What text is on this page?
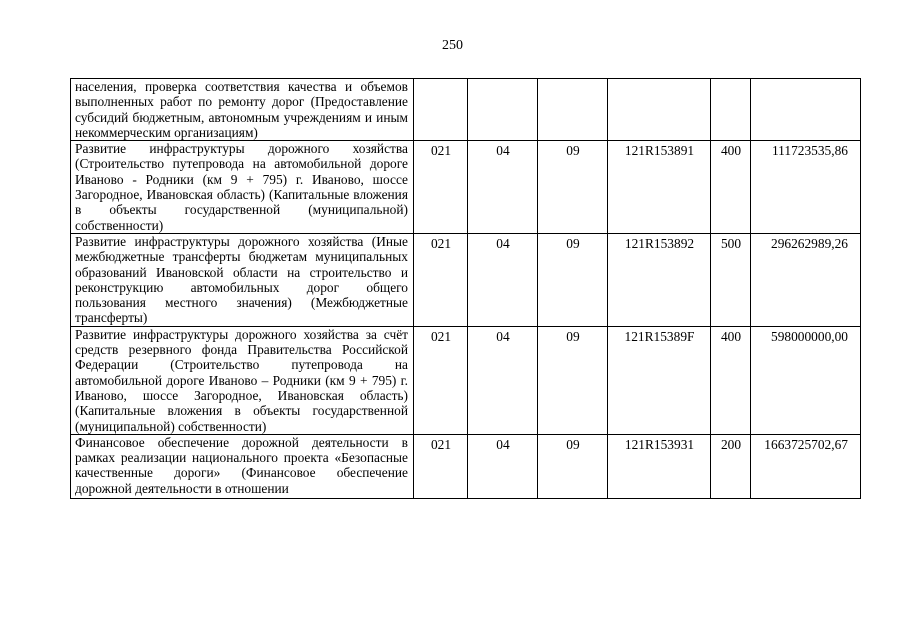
250
населения, проверка соответствия качества и объемов выполненных работ по ремонту дорог (Предоставление субсидий бюджетным, автономным учреждениям и иным некоммерческим организациям)						
Развитие инфраструктуры дорожного хозяйства (Строительство путепровода на автомобильной дороге Иваново - Родники (км 9 + 795) г. Иваново, шоссе Загородное, Ивановская область) (Капитальные вложения в объекты государственной (муниципальной) собственности)	021	04	09	121R153891	400	111723535,86
Развитие инфраструктуры дорожного хозяйства (Иные межбюджетные трансферты бюджетам муниципальных образований Ивановской области на строительство и реконструкцию автомобильных дорог общего пользования местного значения) (Межбюджетные трансферты)	021	04	09	121R153892	500	296262989,26
Развитие инфраструктуры дорожного хозяйства за счёт средств резервного фонда Правительства Российской Федерации (Строительство путепровода на автомобильной дороге Иваново – Родники (км 9 + 795) г. Иваново, шоссе Загородное, Ивановская область) (Капитальные вложения в объекты государственной (муниципальной) собственности)	021	04	09	121R15389F	400	598000000,00
Финансовое обеспечение дорожной деятельности в рамках реализации национального проекта «Безопасные качественные дороги» (Финансовое обеспечение дорожной деятельности в отношении	021	04	09	121R153931	200	1663725702,67
